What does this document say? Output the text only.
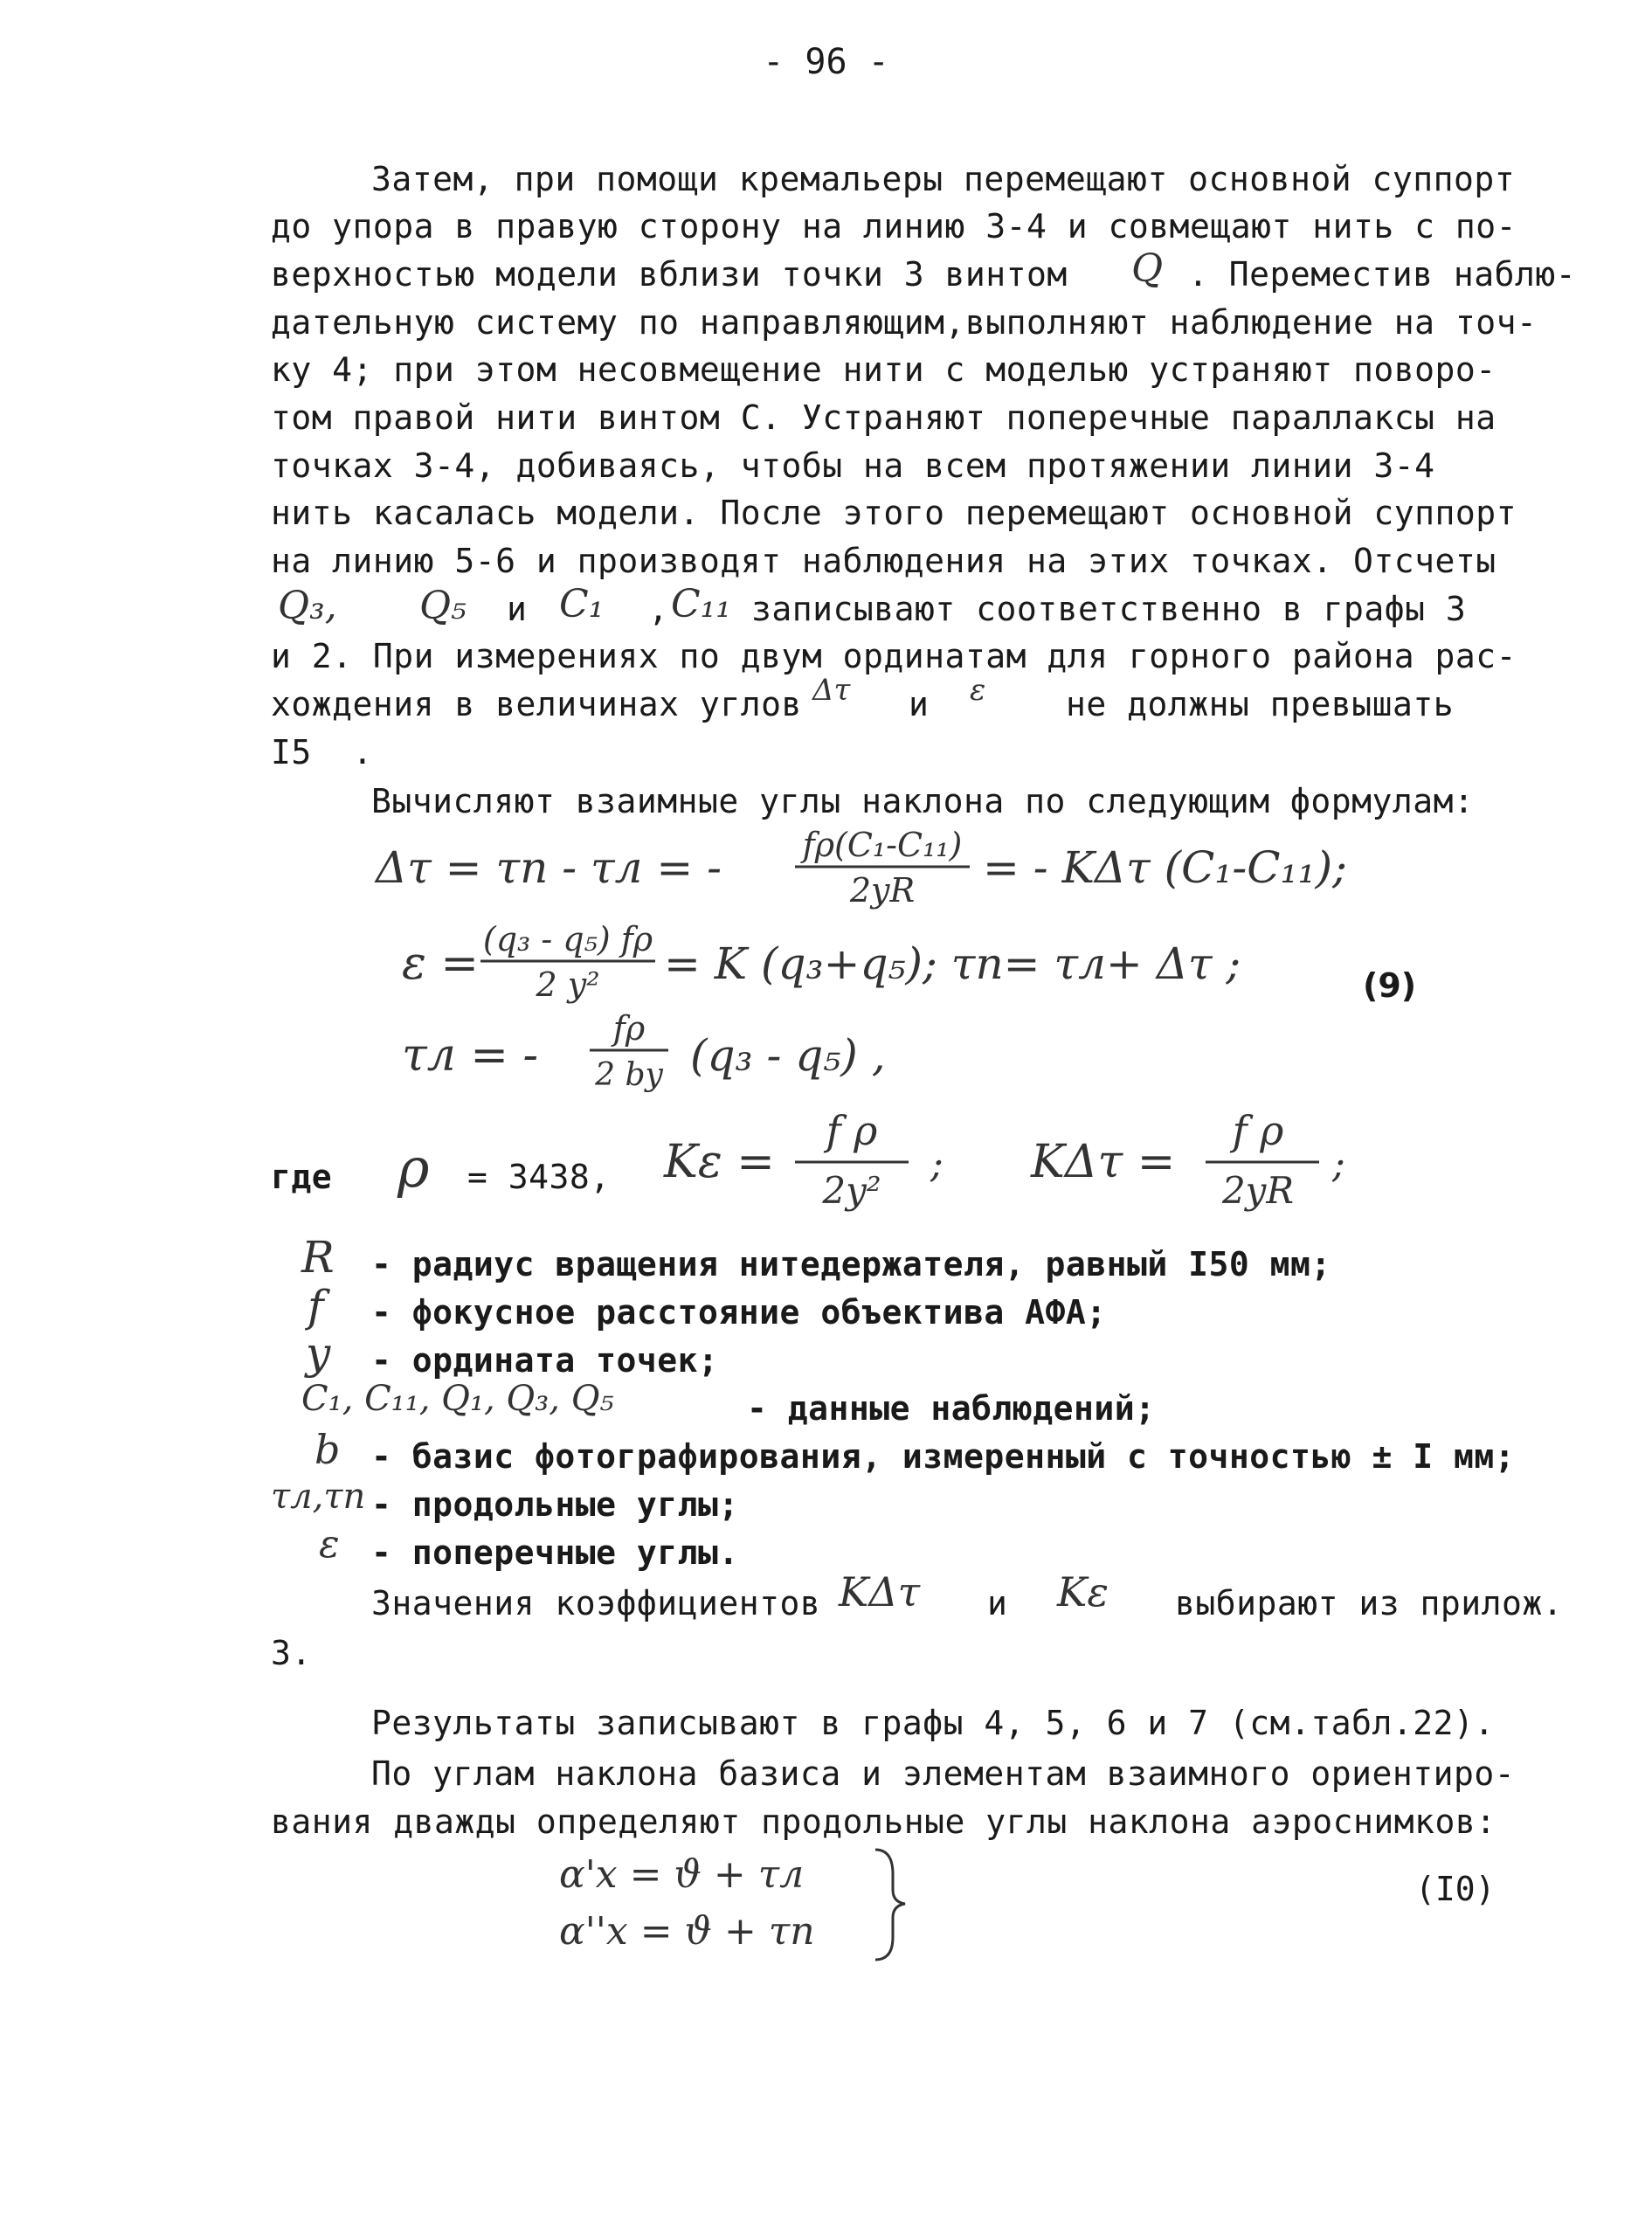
- 96 -
Затем, при помощи кремальеры перемещают основной суппорт
до упора в правую сторону на линию 3-4 и совмещают нить с по-
верхностью модели вблизи точки 3 винтом Q . Переместив наблю-
дательную систему по направляющим,выполняют наблюдение на точ-
ку 4; при этом несовмещение нити с моделью устраняют поворо-
том правой нити винтом С. Устраняют поперечные параллаксы на
точках 3-4, добиваясь, чтобы на всем протяжении линии 3-4
нить касалась модели. После этого перемещают основной суппорт
на линию 5-6 и производят наблюдения на этих точках. Отсчеты
Q₃, Q₅ и C₁ , C₁₁ записывают соответственно в графы 3
и 2. При измерениях по двум ординатам для горного района рас-
хождения в величинах углов Δτ и ε не должны превышать
I5  .
Вычисляют взаимные углы наклона по следующим формулам:
Δτ = τп - τл = - fρ(C₁-C₁₁)
2yR = - KΔτ (C₁-C₁₁);
ε = (q₃ - q₅) fρ
2 y² = K (q₃+q₅); τп= τл+ Δτ ;
τл = -
fρ
2 by (q₃ - q₅) ,
(9)
где ρ = 3438, Kε =
f ρ
2y²
; KΔτ =
f ρ
2yR
;
R - радиус вращения нитедержателя, равный I50 мм;
f - фокусное расстояние объектива АФА;
y - ордината точек;
C₁, C₁₁, Q₁, Q₃, Q₅	- данные наблюдений;
b - базис фотографирования, измеренный с точностью ± I мм;
τл,τп - продольные углы;
ε - поперечные углы.
Значения коэффициентов KΔτ и Kε выбирают из прилож.
3.
Результаты записывают в графы 4, 5, 6 и 7 (см.табл.22).
По углам наклона базиса и элементам взаимного ориентиро-
вания дважды определяют продольные углы наклона аэроснимков:
α'x = ϑ + τл
α''x = ϑ + τп
(I0)
